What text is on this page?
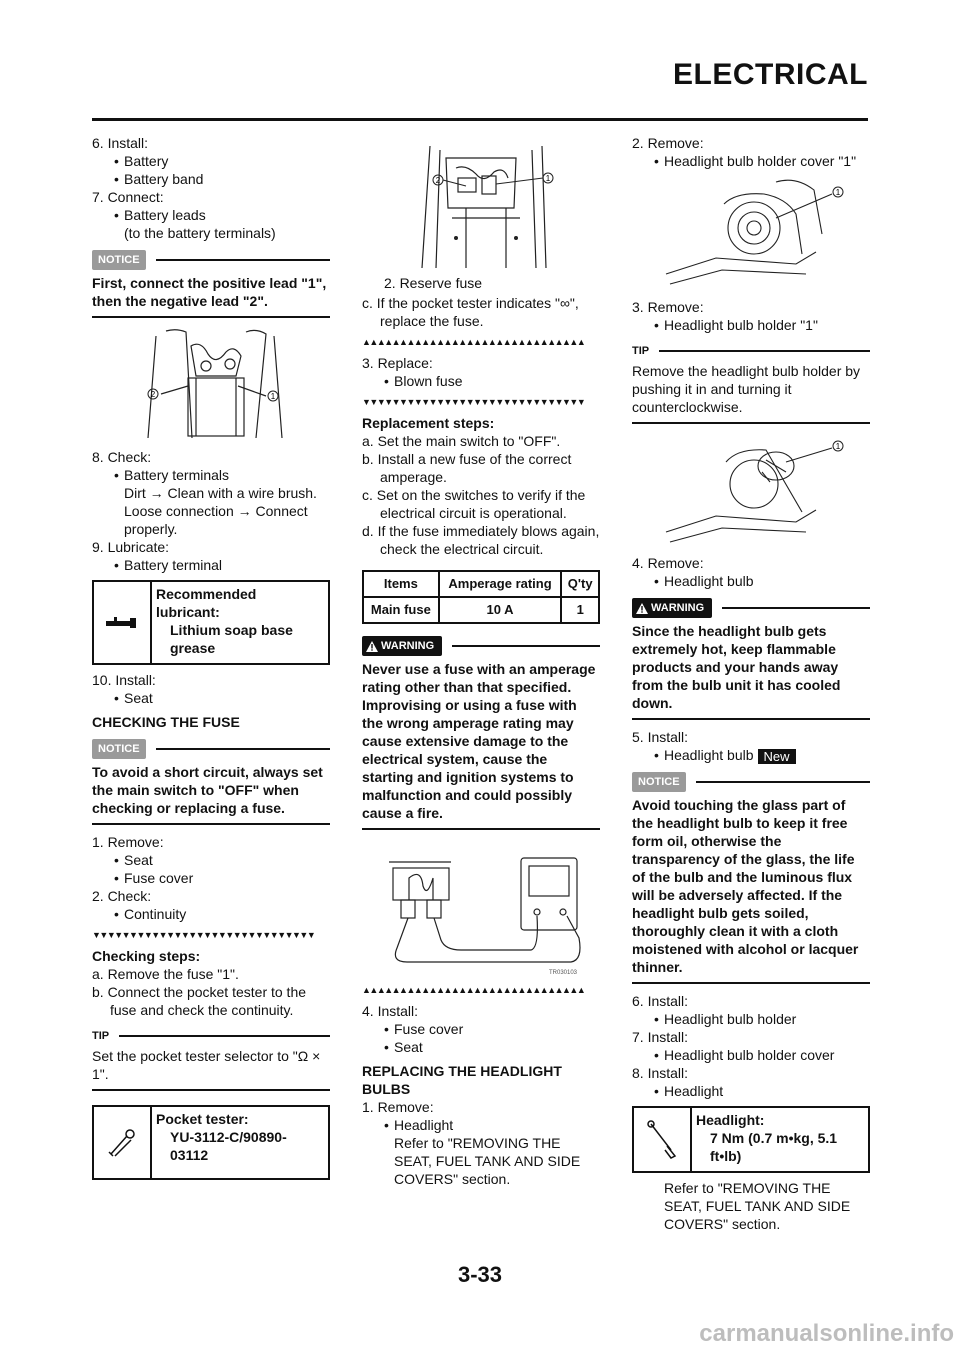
ELECTRICAL
6. Install:
• Battery
• Battery band
7. Connect:
• Battery leads
(to the battery terminals)
NOTICE
First, connect the positive lead "1", then the negative lead "2".
2	1
8. Check:
• Battery terminals
Dirt → Clean with a wire brush.
Loose connection → Connect properly.
9. Lubricate:
• Battery terminal
Recommended lubricant:
Lithium soap base grease
10. Install:
• Seat
CHECKING THE FUSE
NOTICE
To avoid a short circuit, always set the main switch to "OFF" when checking or replacing a fuse.
1. Remove:
• Seat
• Fuse cover
2. Check:
• Continuity
▼▼▼▼▼▼▼▼▼▼▼▼▼▼▼▼▼▼▼▼▼▼▼▼▼▼▼▼▼▼
Checking steps:
a. Remove the fuse "1".
b. Connect the pocket tester to the fuse and check the continuity.
TIP
Set the pocket tester selector to "Ω × 1".
Pocket tester:
YU-3112-C/90890-03112
2	1
2. Reserve fuse
c. If the pocket tester indicates "∞", replace the fuse.
▲▲▲▲▲▲▲▲▲▲▲▲▲▲▲▲▲▲▲▲▲▲▲▲▲▲▲▲▲▲
3. Replace:
• Blown fuse
▼▼▼▼▼▼▼▼▼▼▼▼▼▼▼▼▼▼▼▼▼▼▼▼▼▼▼▼▼▼
Replacement steps:
a. Set the main switch to "OFF".
b. Install a new fuse of the correct amperage.
c. Set on the switches to verify if the electrical circuit is operational.
d. If the fuse immediately blows again, check the electrical circuit.
Items	Amperage rating	Q'ty
Main fuse	10 A	1
WARNING
Never use a fuse with an amperage rating other than that specified. Improvising or using a fuse with the wrong amperage rating may cause extensive damage to the electrical system, cause the starting and ignition systems to malfunction and could possibly cause a fire.
TR030103
▲▲▲▲▲▲▲▲▲▲▲▲▲▲▲▲▲▲▲▲▲▲▲▲▲▲▲▲▲▲
4. Install:
• Fuse cover
• Seat
REPLACING THE HEADLIGHT BULBS
1. Remove:
• Headlight
Refer to "REMOVING THE SEAT, FUEL TANK AND SIDE COVERS" section.
2. Remove:
• Headlight bulb holder cover "1"
1
3. Remove:
• Headlight bulb holder "1"
TIP
Remove the headlight bulb holder by pushing it in and turning it counterclockwise.
1
4. Remove:
• Headlight bulb
WARNING
Since the headlight bulb gets extremely hot, keep flammable products and your hands away from the bulb unit it has cooled down.
5. Install:
• Headlight bulb New
NOTICE
Avoid touching the glass part of the headlight bulb to keep it free form oil, otherwise the transparency of the glass, the life of the bulb and the luminous flux will be adversely affected. If the headlight bulb gets soiled, thoroughly clean it with a cloth moistened with alcohol or lacquer thinner.
6. Install:
• Headlight bulb holder
7. Install:
• Headlight bulb holder cover
8. Install:
• Headlight
Headlight:
7 Nm (0.7 m•kg, 5.1 ft•lb)
Refer to "REMOVING THE SEAT, FUEL TANK AND SIDE COVERS" section.
3-33
carmanualsonline.info
